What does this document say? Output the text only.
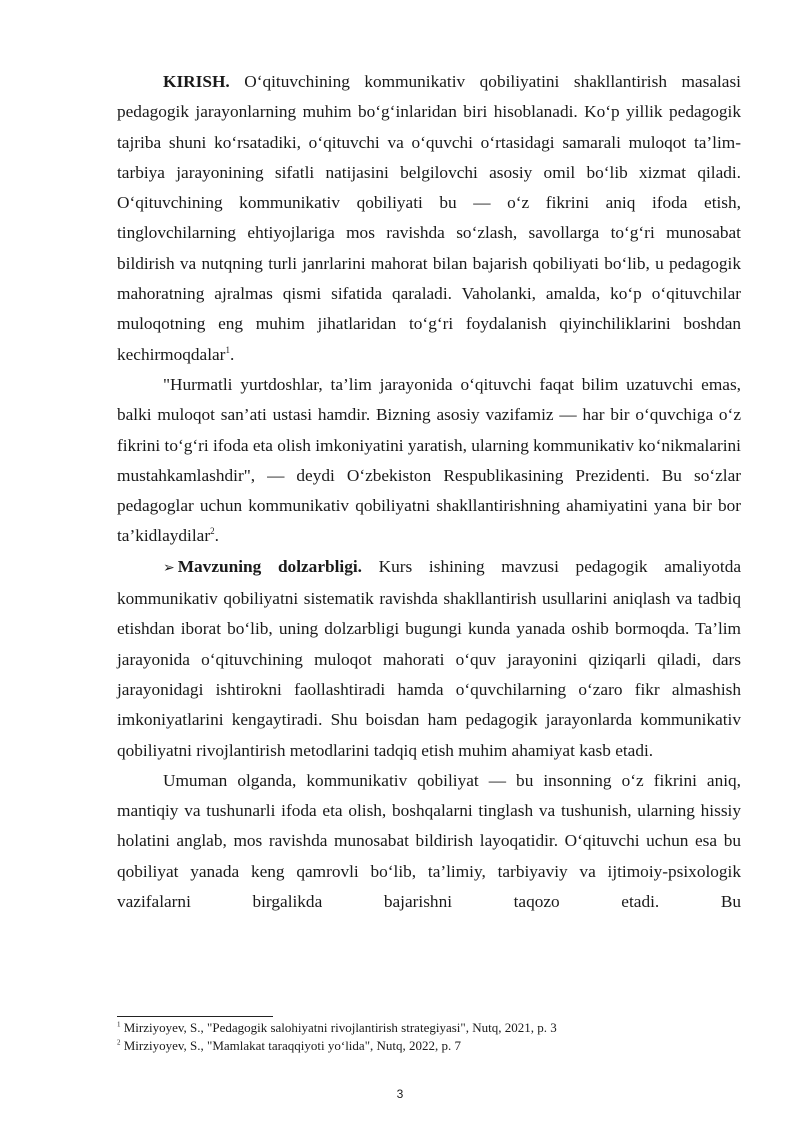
KIRISH. O‘qituvchining kommunikativ qobiliyatini shakllantirish masalasi pedagogik jarayonlarning muhim bo‘g‘inlaridan biri hisoblanadi. Ko‘p yillik pedagogik tajriba shuni ko‘rsatadiki, o‘qituvchi va o‘quvchi o‘rtasidagi samarali muloqot ta’lim-tarbiya jarayonining sifatli natijasini belgilovchi asosiy omil bo‘lib xizmat qiladi. O‘qituvchining kommunikativ qobiliyati bu — o‘z fikrini aniq ifoda etish, tinglovchilarning ehtiyojlariga mos ravishda so‘zlash, savollarga to‘g‘ri munosabat bildirish va nutqning turli janrlarini mahorat bilan bajarish qobiliyati bo‘lib, u pedagogik mahoratning ajralmas qismi sifatida qaraladi. Vaholanki, amalda, ko‘p o‘qituvchilar muloqotning eng muhim jihatlaridan to‘g‘ri foydalanish qiyinchiliklarini boshdan kechirmoqdalar$^1$.

"Hurmatli yurtdoshlar, ta’lim jarayonida o‘qituvchi faqat bilim uzatuvchi emas, balki muloqot san’ati ustasi hamdir. Bizning asosiy vazifamiz — har bir o‘quvchiga o‘z fikrini to‘g‘ri ifoda eta olish imkoniyatini yaratish, ularning kommunikativ ko‘nikmalarini mustahkamlashdir", — deydi O‘zbekiston Respublikasining Prezidenti. Bu so‘zlar pedagoglar uchun kommunikativ qobiliyatni shakllantirishning ahamiyatini yana bir bor ta’kidlaydilar$^2$.

➢ Mavzuning dolzarbligi. Kurs ishining mavzusi pedagogik amaliyotda kommunikativ qobiliyatni sistematik ravishda shakllantirish usullarini aniqlash va tadbiq etishdan iborat bo‘lib, uning dolzarbligi bugungi kunda yanada oshib bormoqda. Ta’lim jarayonida o‘qituvchining muloqot mahorati o‘quv jarayonini qiziqarli qiladi, dars jarayonidagi ishtirokni faollashtiradi hamda o‘quvchilarning o‘zaro fikr almashish imkoniyatlarini kengaytiradi. Shu boisdan ham pedagogik jarayonlarda kommunikativ qobiliyatni rivojlantirish metodlarini tadqiq etish muhim ahamiyat kasb etadi.

Umuman olganda, kommunikativ qobiliyat — bu insonning o‘z fikrini aniq, mantiqiy va tushunarli ifoda eta olish, boshqalarni tinglash va tushunish, ularning hissiy holatini anglab, mos ravishda munosabat bildirish layoqatidir. O‘qituvchi uchun esa bu qobiliyat yanada keng qamrovli bo‘lib, ta’limiy, tarbiyaviy va ijtimoiy-psixologik vazifalarni birgalikda bajarishni taqozo etadi. Bu

$^1$ Mirziyoyev, S., "Pedagogik salohiyatni rivojlantirish strategiyasi", Nutq, 2021, p. 3
$^2$ Mirziyoyev, S., "Mamlakat taraqqiyoti yo‘lida", Nutq, 2022, p. 7
3
